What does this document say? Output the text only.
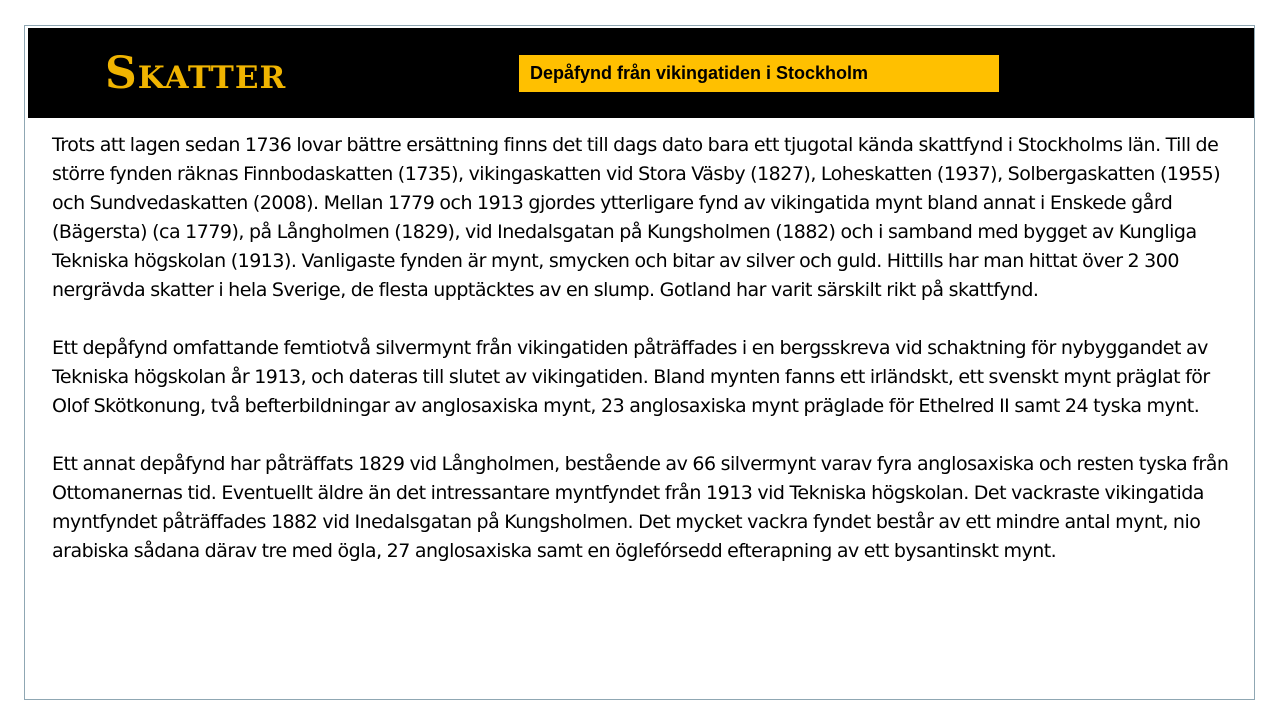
Skatter	Depåfynd från vikingatiden i Stockholm

Trots att lagen sedan 1736 lovar bättre ersättning finns det till dags dato bara ett tjugotal kända skattfynd i Stockholms län. Till de större fynden räknas Finnbodaskatten (1735), vikingaskatten vid Stora Väsby (1827), Loheskatten (1937), Solbergaskatten (1955) och Sundvedaskatten (2008). Mellan 1779 och 1913 gjordes ytterligare fynd av vikingatida mynt bland annat i Enskede gård (Bägersta) (ca 1779), på Långholmen (1829), vid Inedalsgatan på Kungsholmen (1882) och i samband med bygget av Kungliga Tekniska högskolan (1913). Vanligaste fynden är mynt, smycken och bitar av silver och guld. Hittills har man hittat över 2 300 nergrävda skatter i hela Sverige, de flesta upptäcktes av en slump. Gotland har varit särskilt rikt på skattfynd.

Ett depåfynd omfattande femtiotvå silvermynt från vikingatiden påträffades i en bergsskreva vid schaktning för nybyggandet av Tekniska högskolan år 1913, och dateras till slutet av vikingatiden. Bland mynten fanns ett irländskt, ett svenskt mynt präglat för Olof Skötkonung, två befterbildningar av anglosaxiska mynt, 23 anglosaxiska mynt präglade för Ethelred II samt 24 tyska mynt.

Ett annat depåfynd har påträffats 1829 vid Långholmen, bestående av 66 silvermynt varav fyra anglosaxiska och resten tyska från Ottomanernas tid. Eventuellt äldre än det intressantare myntfyndet från 1913 vid Tekniska högskolan. Det vackraste vikingatida myntfyndet påträffades 1882 vid Inedalsgatan på Kungsholmen. Det mycket vackra fyndet består av ett mindre antal mynt, nio arabiska sådana därav tre med ögla, 27 anglosaxiska samt en öglefórsedd efterapning av ett bysantinskt mynt.
